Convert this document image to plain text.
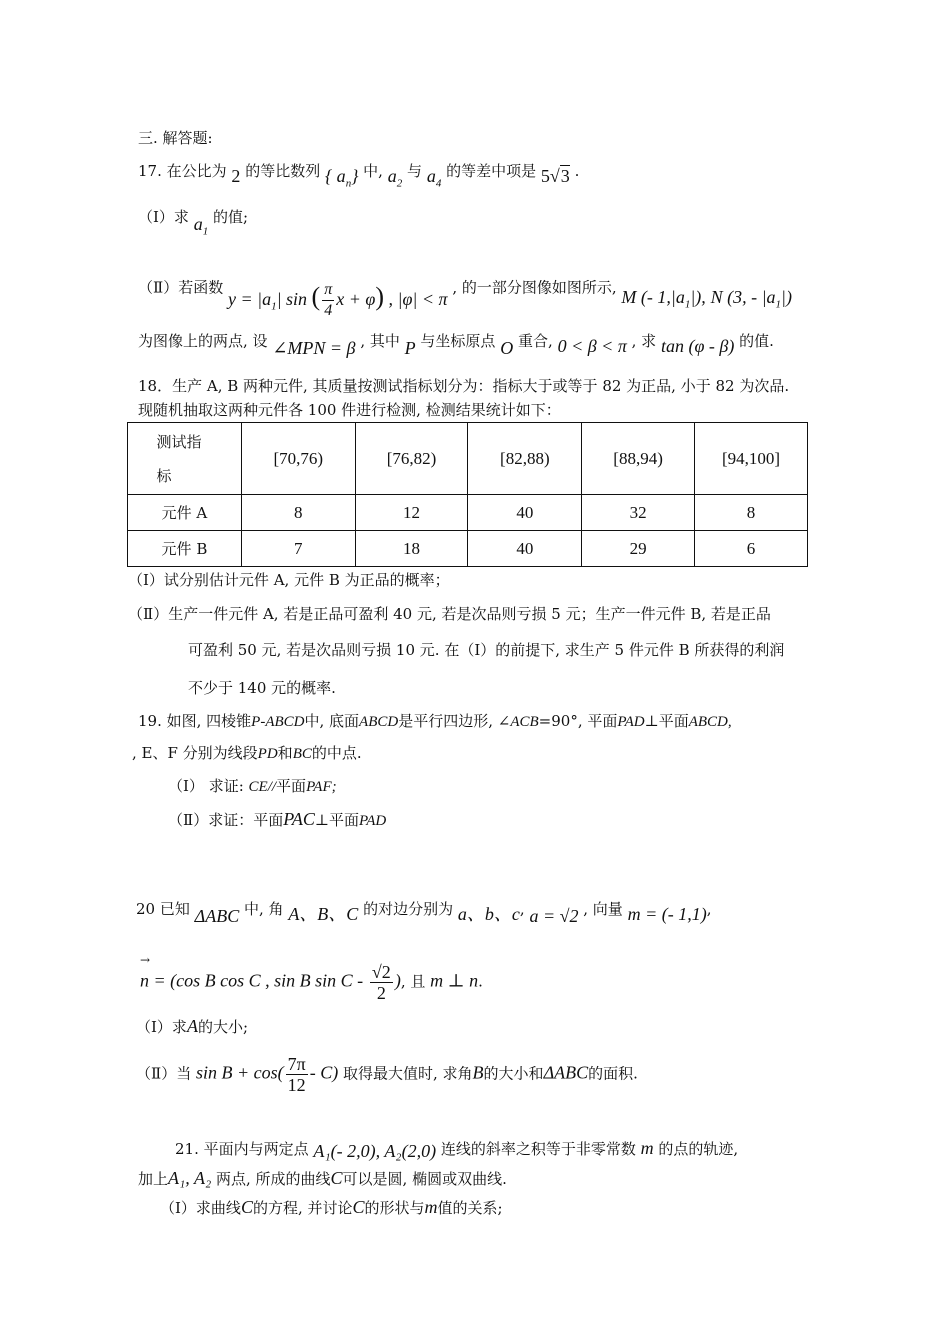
三. 解答题:
17. 在公比为 2 的等比数列 { $a_n$} 中, $a_2$ 与 $a_4$ 的等差中项是 5√3 .
（Ⅰ）求 $a_1$ 的值;
（Ⅱ）若函数 $y = |a_1|$ sin ( $\frac{\pi}{4}$ x + φ) , |φ| < π , 的一部分图像如图所示, M (- $1,|a_1|$), N (3, - $|a_1|$)
为图像上的两点, 设 ∠MPN = β , 其中 P 与坐标原点 O 重合, 0 < β < π , 求 tan (φ - β) 的值.
18．生产 A, B 两种元件, 其质量按测试指标划分为：指标大于或等于 82 为正品, 小于 82 为次品.
现随机抽取这两种元件各 100 件进行检测, 检测结果统计如下：
测试指标	[70,76)	[76,82)	[82,88)	[88,94)	[94,100]
元件 A	8	12	40	32	8
元件 B	7	18	40	29	6
（Ⅰ）试分别估计元件 A, 元件 B 为正品的概率；
（Ⅱ）生产一件元件 A, 若是正品可盈利 40 元, 若是次品则亏损 5 元；生产一件元件 B, 若是正品
可盈利 50 元, 若是次品则亏损 10 元. 在（Ⅰ）的前提下, 求生产 5 件元件 B 所获得的利润
不少于 140 元的概率.
19. 如图, 四棱锥P-ABCD中, 底面ABCD是平行四边形, ∠ACB=90°, 平面PAD⊥平面ABCD,
, E、F 分别为线段PD和BC的中点.
（Ⅰ） 求证: CE//平面PAF;
（Ⅱ）求证：平面PAC⊥平面PAD
20 已知 ΔABC 中, 角 A、B、C 的对边分别为 a、b、c, a = √2 , 向量 m = (- 1,1),
→
n = (cos B cos C , sin B sin C - $\frac{√2}{2}$ ), 且 m ⊥ n.
（Ⅰ）求A的大小;
（Ⅱ）当 $\sin B + \cos( \frac{7\pi}{12} - C)$ 取得最大值时, 求角B的大小和ΔABC的面积.
21. 平面内与两定点 A₁(- 2,0), A₂(2,0) 连线的斜率之积等于非零常数 m 的点的轨迹,
加上A₁, A₂ 两点, 所成的曲线C可以是圆, 椭圆或双曲线.
（Ⅰ）求曲线C的方程, 并讨论C的形状与m值的关系;
